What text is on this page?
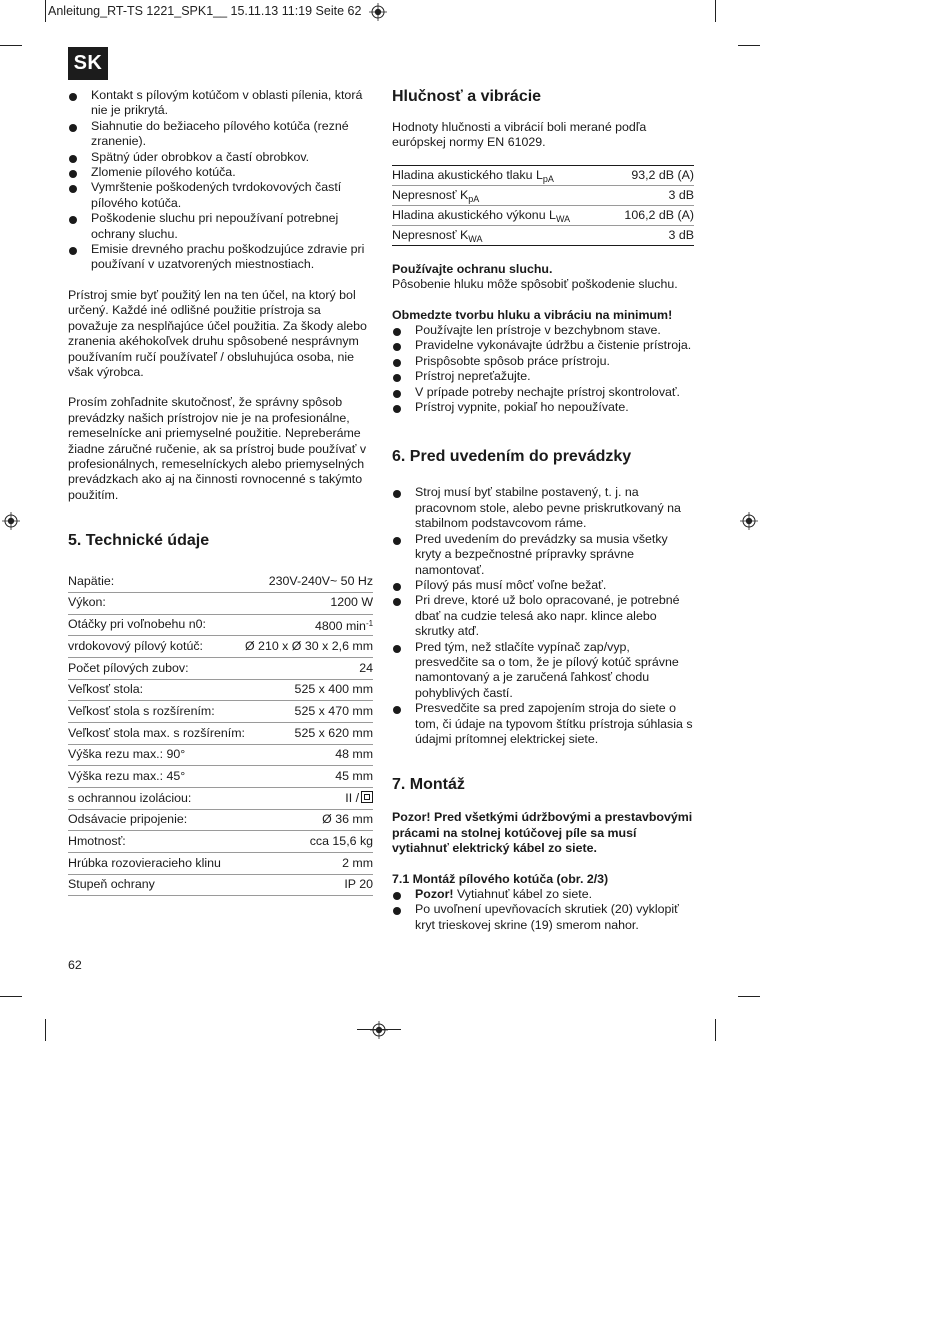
Anleitung_RT-TS 1221_SPK1__ 15.11.13 11:19 Seite 62
SK
Kontakt s pílovým kotúčom v oblasti pílenia, ktorá nie je prikrytá.
Siahnutie do bežiaceho pílového kotúča (rezné zranenie).
Spätný úder obrobkov a častí obrobkov.
Zlomenie pílového kotúča.
Vymrštenie poškodených tvrdokovových častí pílového kotúča.
Poškodenie sluchu pri nepoužívaní potrebnej ochrany sluchu.
Emisie drevného prachu poškodzujúce zdravie pri používaní v uzatvorených miestnostiach.

Prístroj smie byť použitý len na ten účel, na ktorý bol určený. Každé iné odlišné použitie prístroja sa považuje za nesplňajúce účel použitia. Za škody alebo zranenia akéhokoľvek druhu spôsobené nesprávnym používaním ručí používateľ / obsluhujúca osoba, nie však výrobca.

Prosím zohľadnite skutočnosť, že správny spôsob prevádzky našich prístrojov nie je na profesionálne, remeselnícke ani priemyselné použitie. Nepreberáme žiadne záručné ručenie, ak sa prístroj bude používať v profesionálnych, remeselníckych alebo priemyselných prevádzkach ako aj na činnosti rovnocenné s takýmto použitím.

5. Technické údaje
Napätie:	230V-240V~ 50 Hz
Výkon:	1200 W
Otáčky pri voľnobehu n0:	4800 $\min^{-1}$
vrdokovový pílový kotúč:	Ø 210 x Ø 30 x 2,6 mm
Počet pílových zubov:	24
Veľkosť stola:	525 x 400 mm
Veľkosť stola s rozšírením:	525 x 470 mm
Veľkosť stola max. s rozšírením:	525 x 620 mm
Výška rezu max.: 90°	48 mm
Výška rezu max.: 45°	45 mm
s ochrannou izoláciou:	II /
Odsávacie pripojenie:	Ø 36 mm
Hmotnosť:	cca 15,6 kg
Hrúbka rozovieracieho klinu	2 mm
Stupeň ochrany	IP 20
Hlučnosť a vibrácie

Hodnoty hlučnosti a vibrácií boli merané podľa európskej normy EN 61029.

Hladina akustického tlaku $L_{pA}$	93,2 dB (A)
Nepresnosť $K_{pA}$	3 dB
Hladina akustického výkonu $L_{WA}$	106,2 dB (A)
Nepresnosť $K_{WA}$	3 dB

Používajte ochranu sluchu.

Pôsobenie hluku môže spôsobiť poškodenie sluchu.

Obmedzte tvorbu hluku a vibráciu na minimum!

Používajte len prístroje v bezchybnom stave.
Pravidelne vykonávajte údržbu a čistenie prístroja.
Prispôsobte spôsob práce prístroju.
Prístroj nepreťažujte.
V prípade potreby nechajte prístroj skontrolovať.
Prístroj vypnite, pokiaľ ho nepoužívate.
6. Pred uvedením do prevádzky
Stroj musí byť stabilne postavený, t. j. na pracovnom stole, alebo pevne priskrutkovaný na stabilnom podstavcovom ráme.
Pred uvedením do prevádzky sa musia všetky kryty a bezpečnostné prípravky správne namontovať.
Pílový pás musí môcť voľne bežať.
Pri dreve, ktoré už bolo opracované, je potrebné dbať na cudzie telesá ako napr. klince alebo skrutky atď.
Pred tým, než stlačíte vypínač zap/vyp, presvedčite sa o tom, že je pílový kotúč správne namontovaný a je zaručená ľahkosť chodu pohyblivých častí.
Presvedčite sa pred zapojením stroja do siete o tom, či údaje na typovom štítku prístroja súhlasia s údajmi prítomnej elektrickej siete.
7. Montáž

Pozor! Pred všetkými údržbovými a prestavbovými prácami na stolnej kotúčovej píle sa musí vytiahnuť elektrický kábel zo siete.

7.1 Montáž pílového kotúča (obr. 2/3)

Pozor! Vytiahnuť kábel zo siete.
Po uvoľnení upevňovacích skrutiek (20) vyklopiť kryt trieskovej skrine (19) smerom nahor.
62
